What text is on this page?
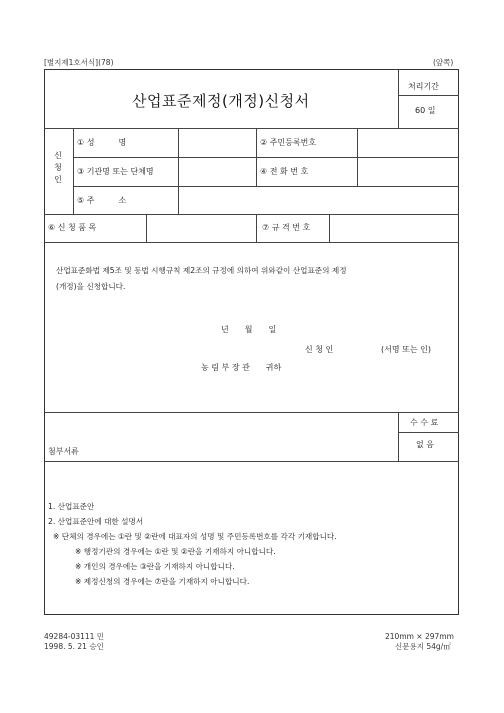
[별지제1호서식](78)	(앞쪽)
산업표준제정(개정)신청서
처리기간
60 일
신 청 인
① 성　　　명	② 주민등록번호
③ 기관명 또는 단체명	④ 전 화 번 호
⑤ 주　　　소
⑥ 신 청 품 목	⑦ 규 격 번 호
산업표준화법 제5조 및 동법 시행규칙 제2조의 규정에 의하여 위와같이 산업표준의 제정
(개정)을 신청합니다.
년　　월　　일
신 청 인	(서명 또는 인)
농 림 부 장 관　　귀하
수 수 료
없 음
첨부서류
1. 산업표준안
2. 산업표준안에 대한 설명서
※ 단체의 경우에는 ①란 및 ②란에 대표자의 성명 및 주민등록번호를 각각 기재합니다.
※ 행정기관의 경우에는 ①란 및 ②란을 기재하지 아니합니다.
※ 개인의 경우에는 ③란을 기재하지 아니합니다.
※ 제정신청의 경우에는 ⑦란을 기재하지 아니합니다.
49284-03111 민
1998. 5. 21 승인
210mm × 297mm
신문용지 54g/㎡
